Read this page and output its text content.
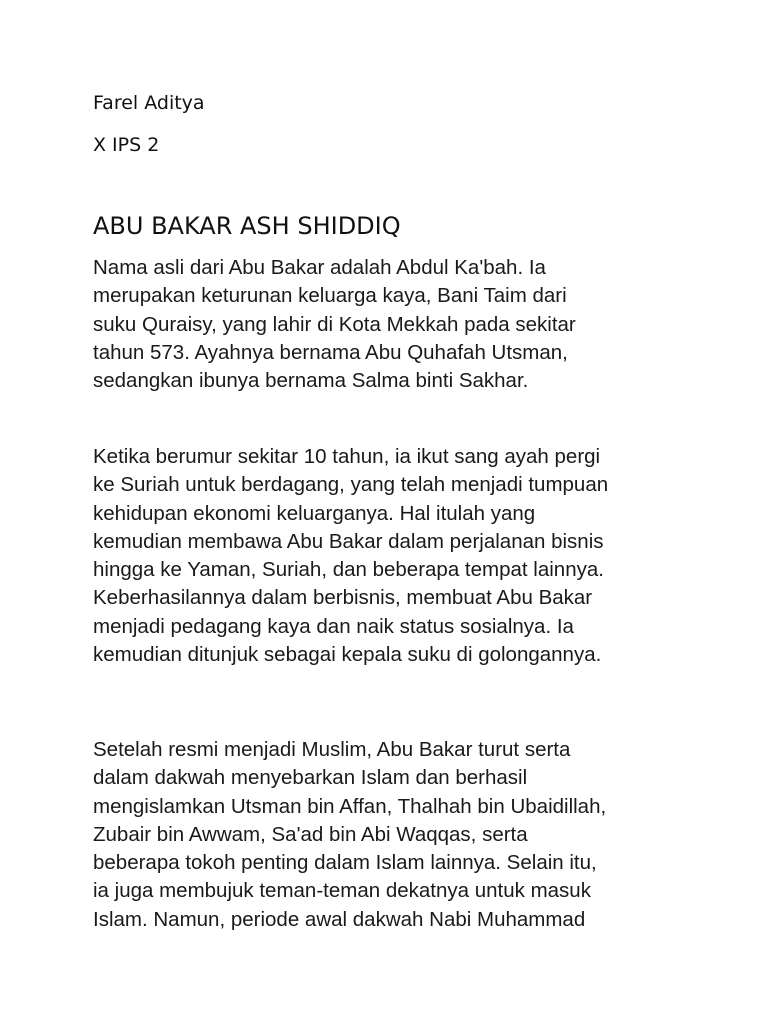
Farel Aditya
X IPS 2
ABU BAKAR ASH SHIDDIQ

Nama asli dari Abu Bakar adalah Abdul Ka'bah. Ia
merupakan keturunan keluarga kaya, Bani Taim dari
suku Quraisy, yang lahir di Kota Mekkah pada sekitar
tahun 573. Ayahnya bernama Abu Quhafah Utsman,
sedangkan ibunya bernama Salma binti Sakhar.

Ketika berumur sekitar 10 tahun, ia ikut sang ayah pergi
ke Suriah untuk berdagang, yang telah menjadi tumpuan
kehidupan ekonomi keluarganya. Hal itulah yang
kemudian membawa Abu Bakar dalam perjalanan bisnis
hingga ke Yaman, Suriah, dan beberapa tempat lainnya.
Keberhasilannya dalam berbisnis, membuat Abu Bakar
menjadi pedagang kaya dan naik status sosialnya. Ia
kemudian ditunjuk sebagai kepala suku di golongannya.

Setelah resmi menjadi Muslim, Abu Bakar turut serta
dalam dakwah menyebarkan Islam dan berhasil
mengislamkan Utsman bin Affan, Thalhah bin Ubaidillah,
Zubair bin Awwam, Sa'ad bin Abi Waqqas, serta
beberapa tokoh penting dalam Islam lainnya. Selain itu,
ia juga membujuk teman-teman dekatnya untuk masuk
Islam. Namun, periode awal dakwah Nabi Muhammad
